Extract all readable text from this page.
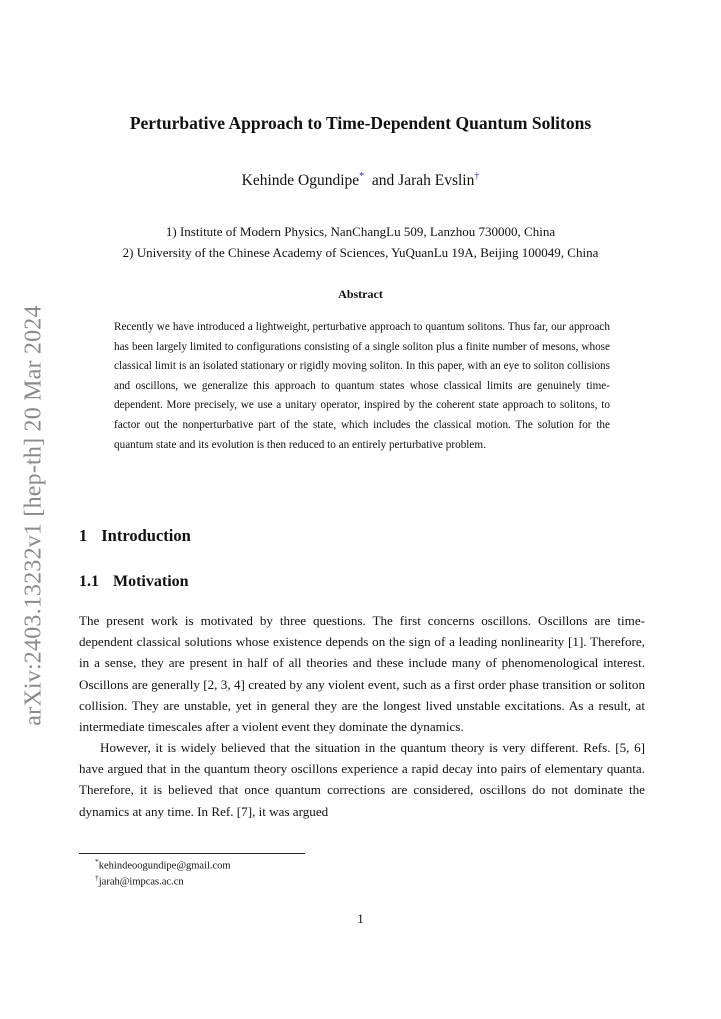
arXiv:2403.13232v1 [hep-th] 20 Mar 2024
Perturbative Approach to Time-Dependent Quantum Solitons
Kehinde Ogundipe* and Jarah Evslin†
1) Institute of Modern Physics, NanChangLu 509, Lanzhou 730000, China
2) University of the Chinese Academy of Sciences, YuQuanLu 19A, Beijing 100049, China
Abstract
Recently we have introduced a lightweight, perturbative approach to quantum solitons. Thus far, our approach has been largely limited to configurations consisting of a single soliton plus a finite number of mesons, whose classical limit is an isolated stationary or rigidly moving soliton. In this paper, with an eye to soliton collisions and oscillons, we generalize this approach to quantum states whose classical limits are genuinely time-dependent. More precisely, we use a unitary operator, inspired by the coherent state approach to solitons, to factor out the nonperturbative part of the state, which includes the classical motion. The solution for the quantum state and its evolution is then reduced to an entirely perturbative problem.
1 Introduction
1.1 Motivation
The present work is motivated by three questions. The first concerns oscillons. Oscillons are time-dependent classical solutions whose existence depends on the sign of a leading nonlinearity [1]. Therefore, in a sense, they are present in half of all theories and these include many of phenomenological interest. Oscillons are generally [2, 3, 4] created by any violent event, such as a first order phase transition or soliton collision. They are unstable, yet in general they are the longest lived unstable excitations. As a result, at intermediate timescales after a violent event they dominate the dynamics.
However, it is widely believed that the situation in the quantum theory is very different. Refs. [5, 6] have argued that in the quantum theory oscillons experience a rapid decay into pairs of elementary quanta. Therefore, it is believed that once quantum corrections are considered, oscillons do not dominate the dynamics at any time. In Ref. [7], it was argued
*kehindeoogundipe@gmail.com
†jarah@impcas.ac.cn
1
